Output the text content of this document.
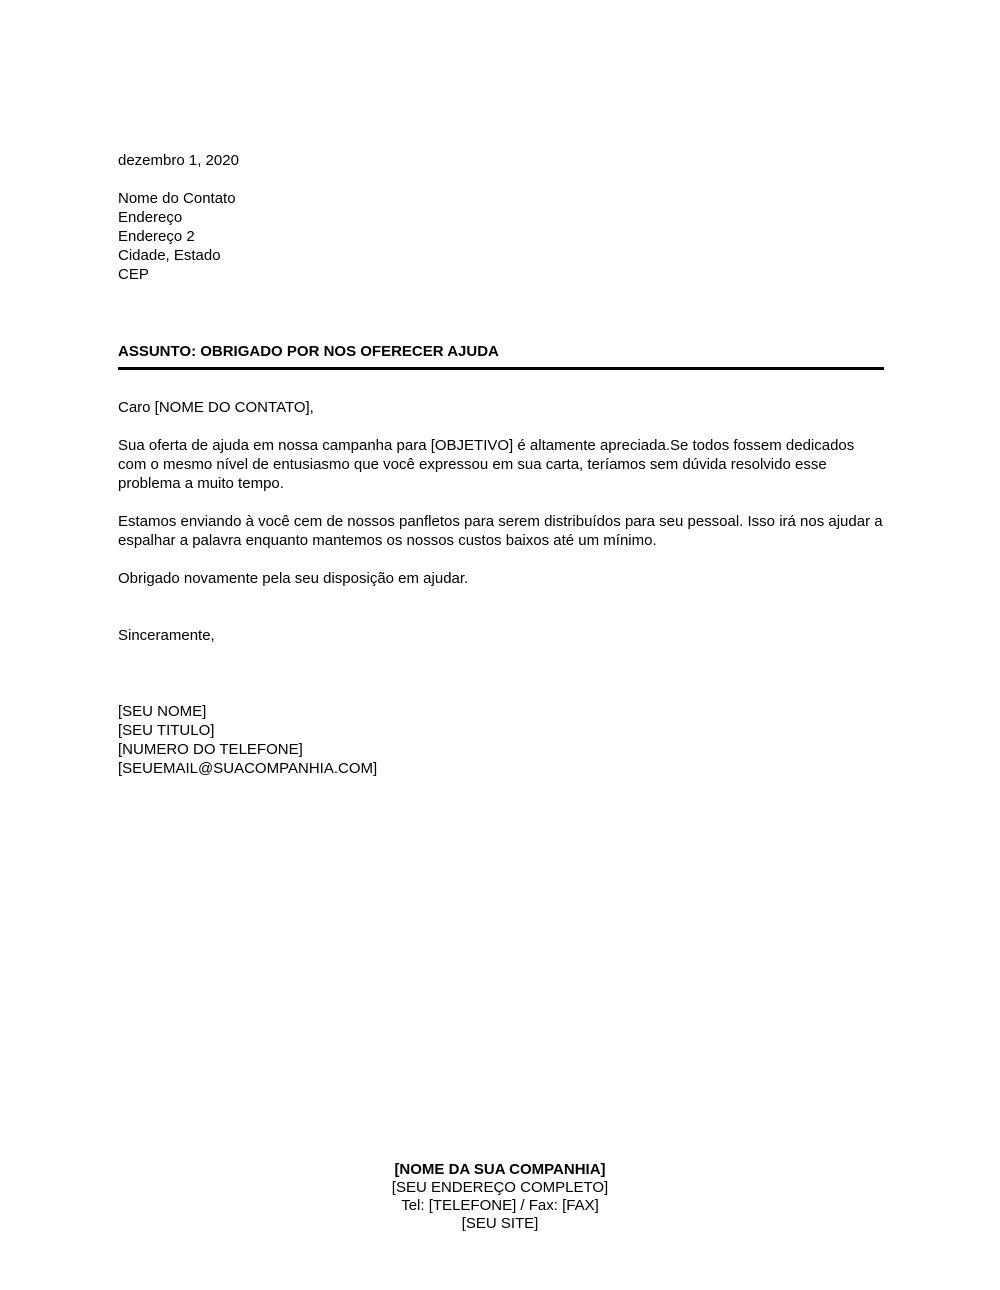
dezembro 1, 2020

Nome do Contato

Endereço

Endereço 2

Cidade, Estado

CEP

ASSUNTO: OBRIGADO POR NOS OFERECER AJUDA

Caro [NOME DO CONTATO],

Sua oferta de ajuda em nossa campanha para [OBJETIVO] é altamente apreciada.Se todos fossem dedicados com o mesmo nível de entusiasmo que você expressou em sua carta, teríamos sem dúvida resolvido esse problema a muito tempo.

Estamos enviando à você cem de nossos panfletos para serem distribuídos para seu pessoal. Isso irá nos ajudar a espalhar a palavra enquanto mantemos os nossos custos baixos até um mínimo.

Obrigado novamente pela seu disposição em ajudar.

Sinceramente,

[SEU NOME]

[SEU TITULO]

[NUMERO DO TELEFONE]

[SEUEMAIL@SUACOMPANHIA.COM]

[NOME DA SUA COMPANHIA]
[SEU ENDEREÇO COMPLETO]
Tel: [TELEFONE] / Fax: [FAX]
[SEU SITE]
